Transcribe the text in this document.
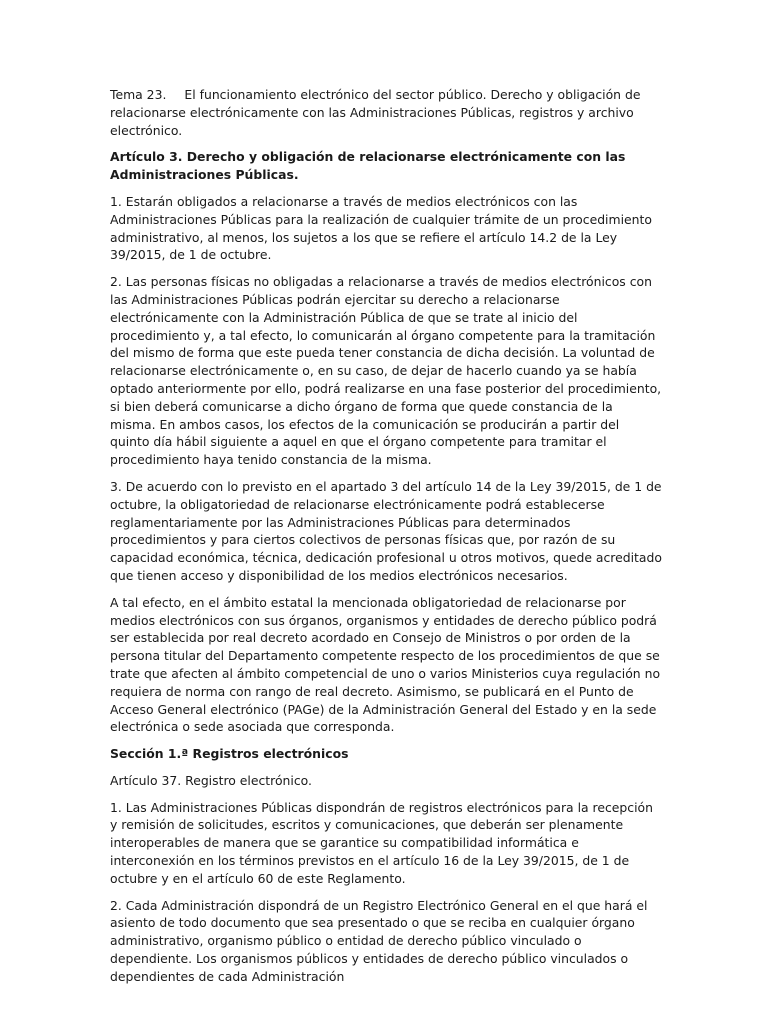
Tema 23. El funcionamiento electrónico del sector público. Derecho y obligación de relacionarse electrónicamente con las Administraciones Públicas, registros y archivo electrónico.

Artículo 3. Derecho y obligación de relacionarse electrónicamente con las Administraciones Públicas.

1. Estarán obligados a relacionarse a través de medios electrónicos con las Administraciones Públicas para la realización de cualquier trámite de un procedimiento administrativo, al menos, los sujetos a los que se refiere el artículo 14.2 de la Ley 39/2015, de 1 de octubre.

2. Las personas físicas no obligadas a relacionarse a través de medios electrónicos con las Administraciones Públicas podrán ejercitar su derecho a relacionarse electrónicamente con la Administración Pública de que se trate al inicio del procedimiento y, a tal efecto, lo comunicarán al órgano competente para la tramitación del mismo de forma que este pueda tener constancia de dicha decisión. La voluntad de relacionarse electrónicamente o, en su caso, de dejar de hacerlo cuando ya se había optado anteriormente por ello, podrá realizarse en una fase posterior del procedimiento, si bien deberá comunicarse a dicho órgano de forma que quede constancia de la misma. En ambos casos, los efectos de la comunicación se producirán a partir del quinto día hábil siguiente a aquel en que el órgano competente para tramitar el procedimiento haya tenido constancia de la misma.

3. De acuerdo con lo previsto en el apartado 3 del artículo 14 de la Ley 39/2015, de 1 de octubre, la obligatoriedad de relacionarse electrónicamente podrá establecerse reglamentariamente por las Administraciones Públicas para determinados procedimientos y para ciertos colectivos de personas físicas que, por razón de su capacidad económica, técnica, dedicación profesional u otros motivos, quede acreditado que tienen acceso y disponibilidad de los medios electrónicos necesarios.

A tal efecto, en el ámbito estatal la mencionada obligatoriedad de relacionarse por medios electrónicos con sus órganos, organismos y entidades de derecho público podrá ser establecida por real decreto acordado en Consejo de Ministros o por orden de la persona titular del Departamento competente respecto de los procedimientos de que se trate que afecten al ámbito competencial de uno o varios Ministerios cuya regulación no requiera de norma con rango de real decreto. Asimismo, se publicará en el Punto de Acceso General electrónico (PAGe) de la Administración General del Estado y en la sede electrónica o sede asociada que corresponda.

Sección 1.ª Registros electrónicos

Artículo 37. Registro electrónico.

1. Las Administraciones Públicas dispondrán de registros electrónicos para la recepción y remisión de solicitudes, escritos y comunicaciones, que deberán ser plenamente interoperables de manera que se garantice su compatibilidad informática e interconexión en los términos previstos en el artículo 16 de la Ley 39/2015, de 1 de octubre y en el artículo 60 de este Reglamento.

2. Cada Administración dispondrá de un Registro Electrónico General en el que hará el asiento de todo documento que sea presentado o que se reciba en cualquier órgano administrativo, organismo público o entidad de derecho público vinculado o dependiente. Los organismos públicos y entidades de derecho público vinculados o dependientes de cada Administración
